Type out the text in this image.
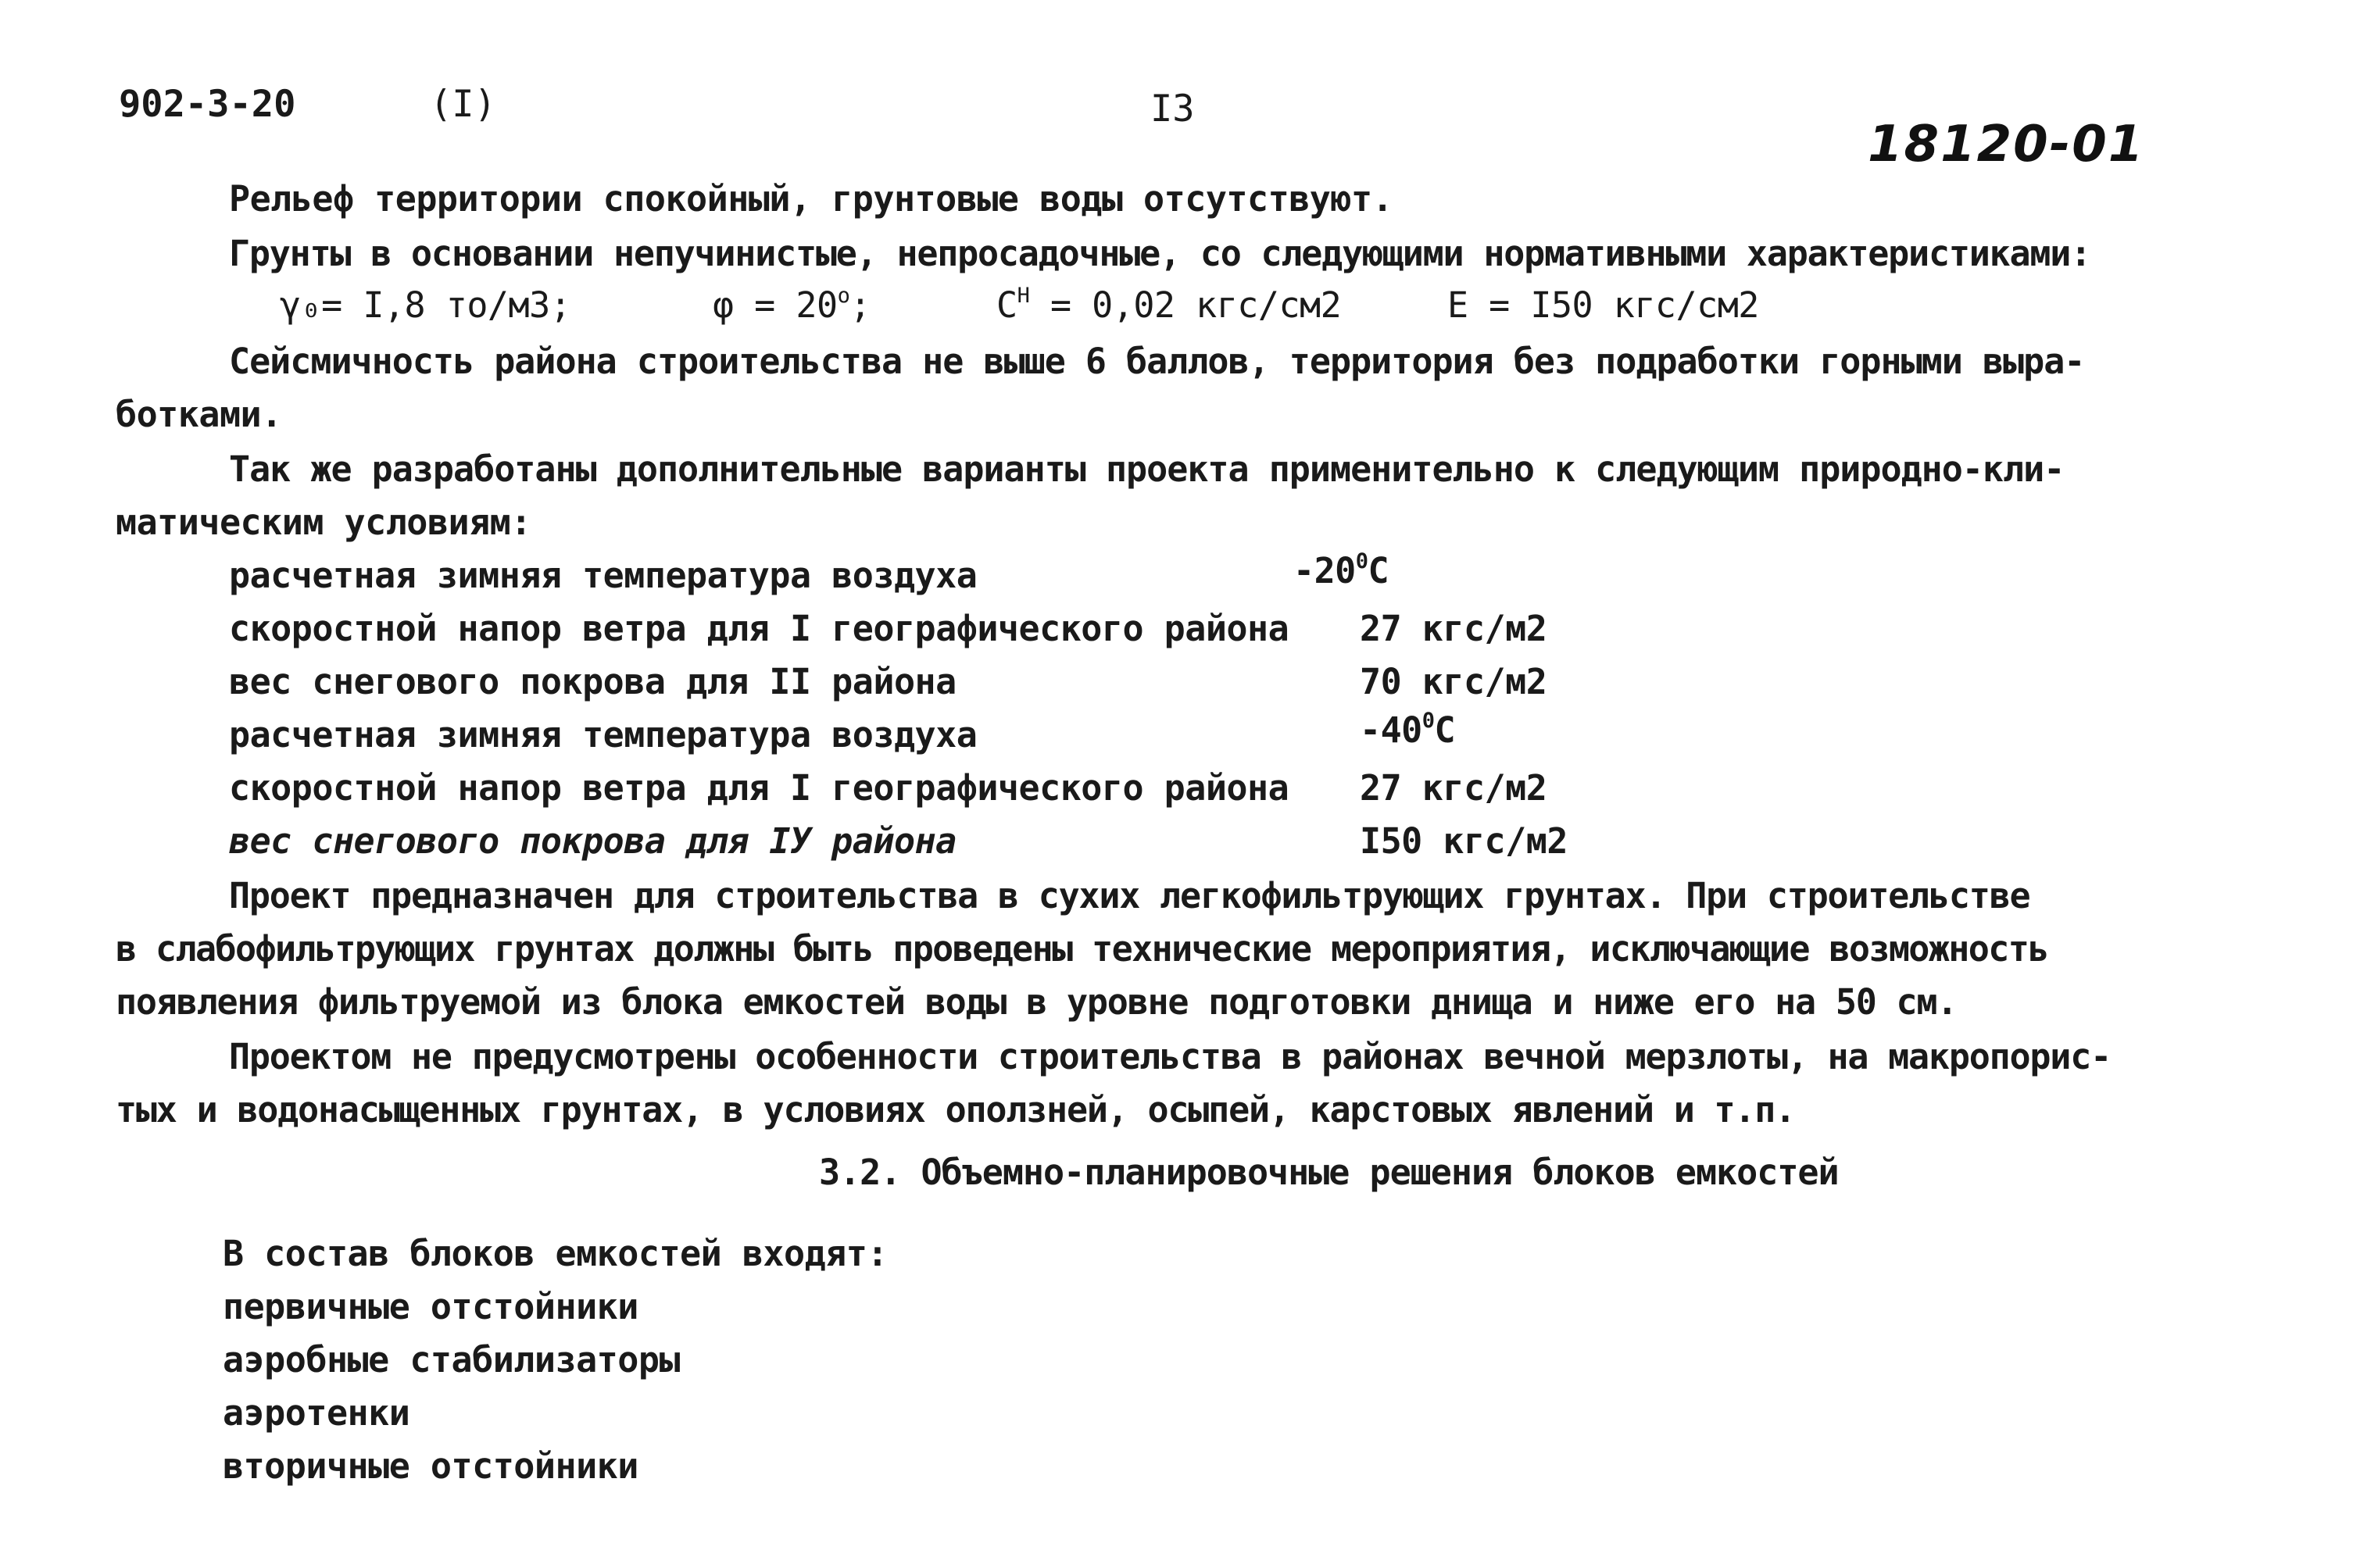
902-3-20	(I)	I3
18120-01
Рельеф территории спокойный, грунтовые воды отсутствуют.
Грунты в основании непучинистые, непросадочные, со следующими нормативными характеристиками:
γ₀= I,8 то/м3;	$\varphi = 20^o$;	$C^Н = 0,02$ кгс/см2	E = I50 кгс/см2
Сейсмичность района строительства не выше 6 баллов, территория без подработки горными выра-
ботками.
Так же разработаны дополнительные варианты проекта применительно к следующим природно-кли-
матическим условиям:
расчетная зимняя температура воздуха	$-20^0C$
скоростной напор ветра для I географического района 27 кгс/м2
вес снегового покрова для II района	70 кгс/м2
расчетная зимняя температура воздуха	$-40^0C$
скоростной напор ветра для I географического района 27 кгс/м2
вес снегового покрова для IУ района	I50 кгс/м2
Проект предназначен для строительства в сухих легкофильтрующих грунтах. При строительстве
в слабофильтрующих грунтах должны быть проведены технические мероприятия, исключающие возможность
появления фильтруемой из блока емкостей воды в уровне подготовки днища и ниже его на 50 см.
Проектом не предусмотрены особенности строительства в районах вечной мерзлоты, на макропорис-
тых и водонасыщенных грунтах, в условиях оползней, осыпей, карстовых явлений и т.п.
3.2. Объемно-планировочные решения блоков емкостей
В состав блоков емкостей входят:
первичные отстойники
аэробные стабилизаторы
аэротенки
вторичные отстойники
